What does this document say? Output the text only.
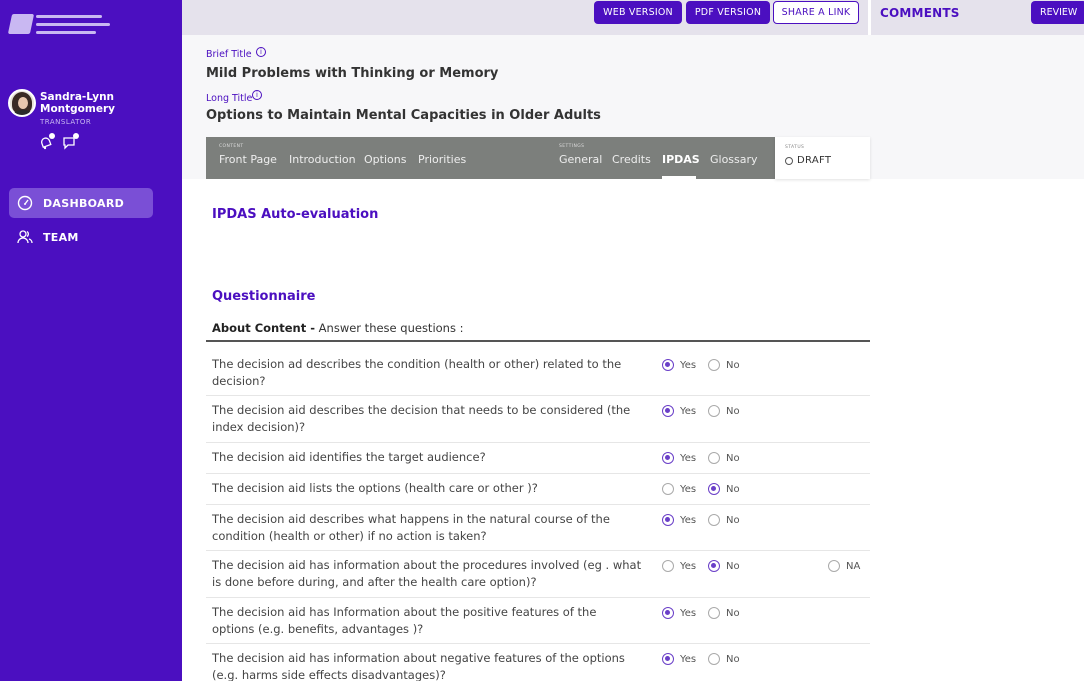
Sandra-Lynn Montgomery
TRANSLATOR
DASHBOARD
TEAM
WEB VERSION	PDF VERSION	SHARE A LINK	COMMENTS	REVIEW
Brief Title	i
Mild Problems with Thinking or Memory
Long Title i
Options to Maintain Mental Capacities in Older Adults
CONTENT	SETTINGS
Front Page Introduction Options Priorities	General Credits IPDAS Glossary
STATUS
DRAFT
IPDAS Auto-evaluation
Questionnaire
About Content - Answer these questions :
The decision ad describes the condition (health or other) related to the decision?
Yes	No
The decision aid describes the decision that needs to be considered (the index decision)?
Yes	No
The decision aid identifies the target audience?	Yes	No
The decision aid lists the options (health care or other )?	Yes	No
The decision aid describes what happens in the natural course of the condition (health or other) if no action is taken?
Yes	No
The decision aid has information about the procedures involved (eg . what is done before during, and after the health care option)?
Yes	No	NA
The decision aid has Information about the positive features of the options (e.g. benefits, advantages )?
Yes	No
The decision aid has information about negative features of the options (e.g. harms side effects disadvantages)?
Yes	No
